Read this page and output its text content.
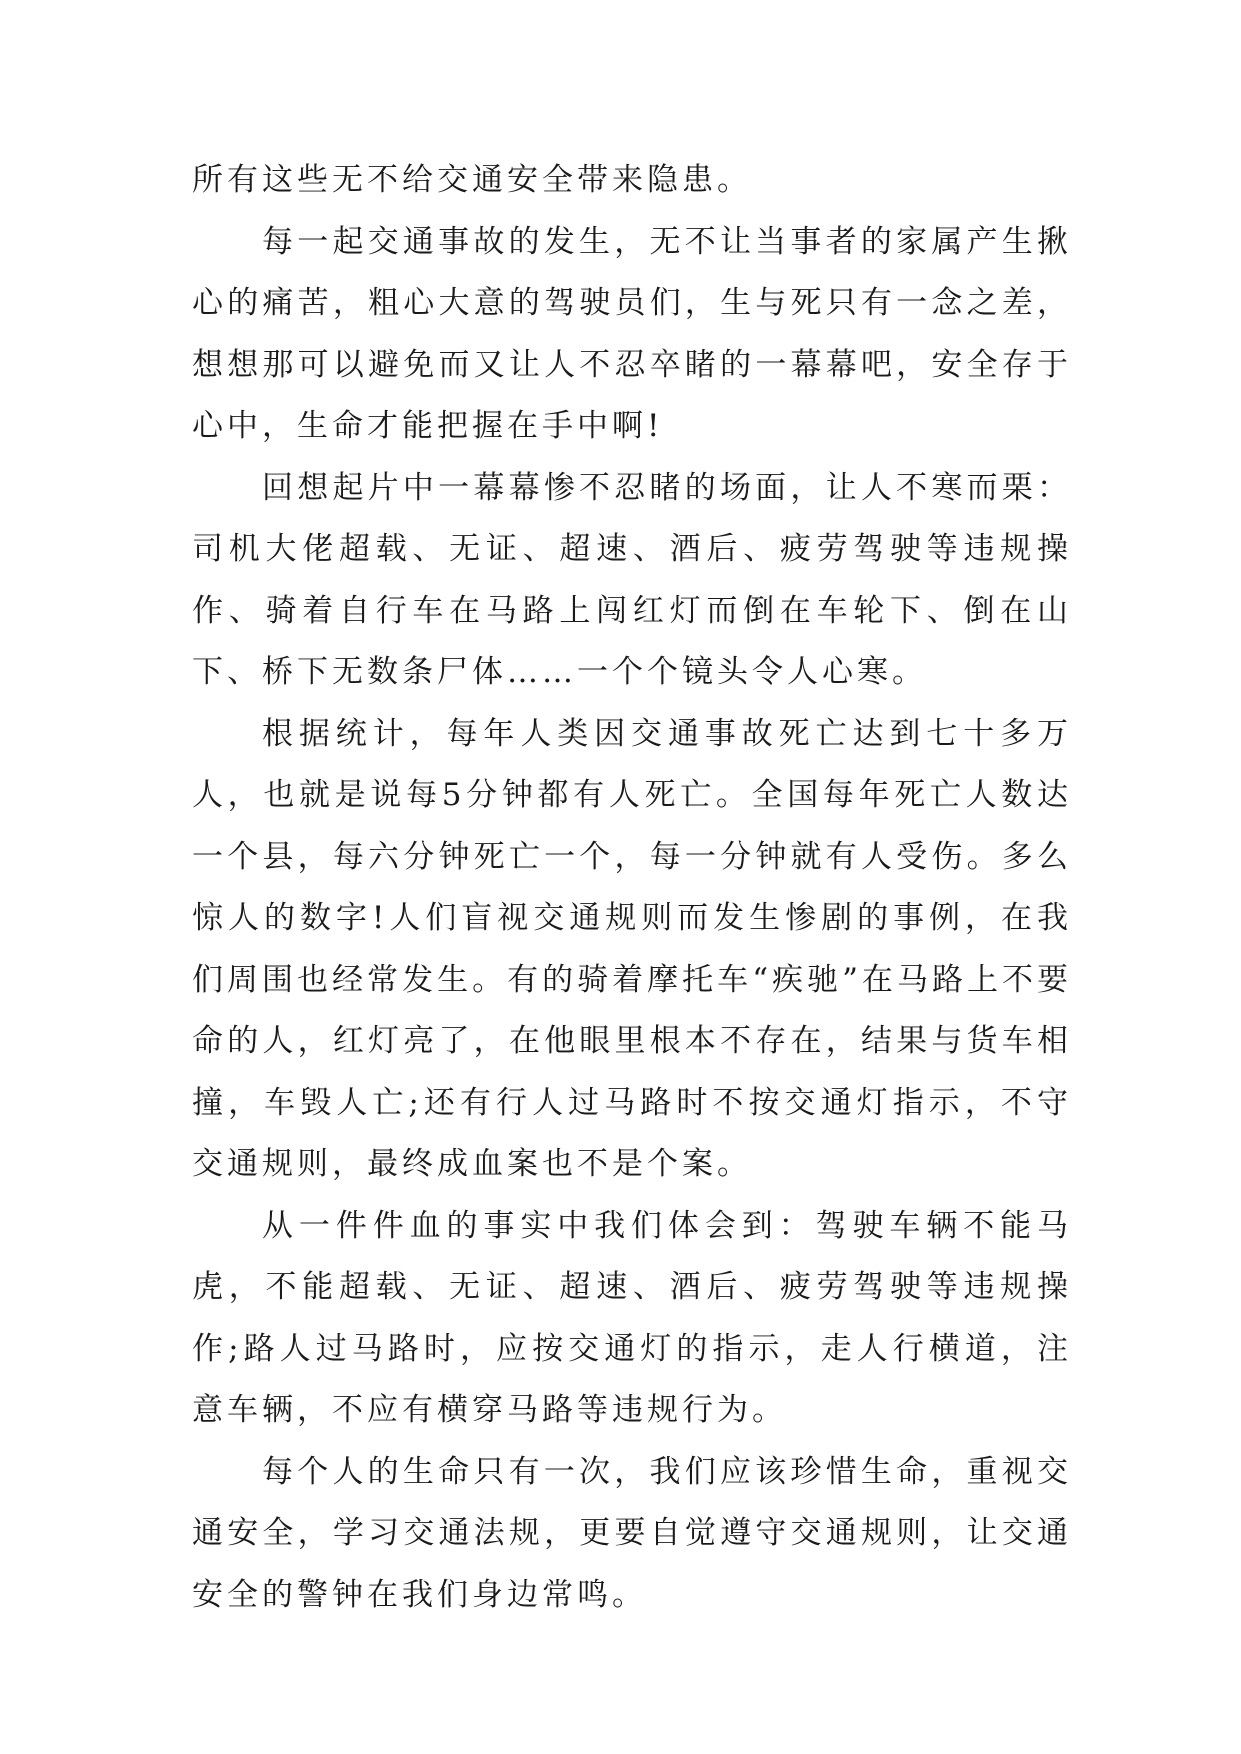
所有这些无不给交通安全带来隐患。

每一起交通事故的发生，无不让当事者的家属产生揪心的痛苦，粗心大意的驾驶员们，生与死只有一念之差，想想那可以避免而又让人不忍卒睹的一幕幕吧，安全存于心中，生命才能把握在手中啊!

回想起片中一幕幕惨不忍睹的场面，让人不寒而栗：司机大佬超载、无证、超速、酒后、疲劳驾驶等违规操作、骑着自行车在马路上闯红灯而倒在车轮下、倒在山下、桥下无数条尸体……一个个镜头令人心寒。

根据统计，每年人类因交通事故死亡达到七十多万人，也就是说每5分钟都有人死亡。全国每年死亡人数达一个县，每六分钟死亡一个，每一分钟就有人受伤。多么惊人的数字!人们盲视交通规则而发生惨剧的事例，在我们周围也经常发生。有的骑着摩托车“疾驰”在马路上不要命的人，红灯亮了，在他眼里根本不存在，结果与货车相撞，车毁人亡;还有行人过马路时不按交通灯指示，不守交通规则，最终成血案也不是个案。

从一件件血的事实中我们体会到：驾驶车辆不能马虎，不能超载、无证、超速、酒后、疲劳驾驶等违规操作;路人过马路时，应按交通灯的指示，走人行横道，注意车辆，不应有横穿马路等违规行为。

每个人的生命只有一次，我们应该珍惜生命，重视交通安全，学习交通法规，更要自觉遵守交通规则，让交通安全的警钟在我们身边常鸣。
